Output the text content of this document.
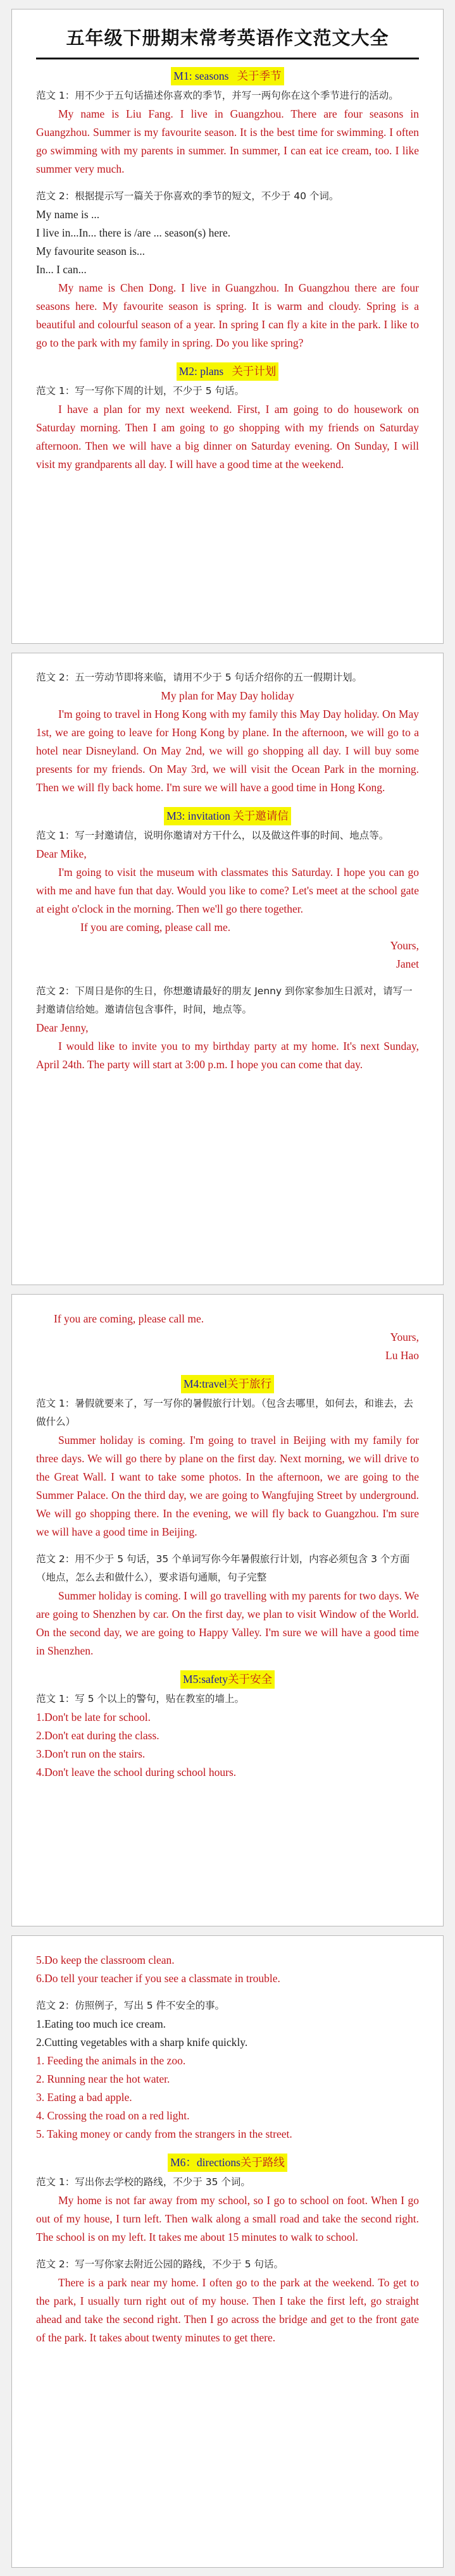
五年级下册期末常考英语作文范文大全
M1: seasons 关于季节

范文 1：用不少于五句话描述你喜欢的季节，并写一两句你在这个季节进行的活动。

My name is Liu Fang. I live in Guangzhou. There are four seasons in Guangzhou. Summer is my favourite season. It is the best time for swimming. I often go swimming with my parents in summer. In summer, I can eat ice cream, too. I like summer very much.

范文 2：根据提示写一篇关于你喜欢的季节的短文，不少于 40 个词。

My name is ...

I live in...In... there is /are ... season(s) here.

My favourite season is...

In... I can...

My name is Chen Dong. I live in Guangzhou. In Guangzhou there are four seasons here. My favourite season is spring. It is warm and cloudy. Spring is a beautiful and colourful season of a year. In spring I can fly a kite in the park. I like to go to the park with my family in spring. Do you like spring?

M2: plans 关于计划

范文 1：写一写你下周的计划，不少于 5 句话。

I have a plan for my next weekend. First, I am going to do housework on Saturday morning. Then I am going to go shopping with my friends on Saturday afternoon. Then we will have a big dinner on Saturday evening. On Sunday, I will visit my grandparents all day. I will have a good time at the weekend.

范文 2：五一劳动节即将来临，请用不少于 5 句话介绍你的五一假期计划。

My plan for May Day holiday

I'm going to travel in Hong Kong with my family this May Day holiday. On May 1st, we are going to leave for Hong Kong by plane. In the afternoon, we will go to a hotel near Disneyland. On May 2nd, we will go shopping all day. I will buy some presents for my friends. On May 3rd, we will visit the Ocean Park in the morning. Then we will fly back home. I'm sure we will have a good time in Hong Kong.

M3: invitation 关于邀请信

范文 1：写一封邀请信，说明你邀请对方干什么，以及做这件事的时间、地点等。

Dear Mike,

I'm going to visit the museum with classmates this Saturday. I hope you can go with me and have fun that day. Would you like to come? Let's meet at the school gate at eight o'clock in the morning. Then we'll go there together.

If you are coming, please call me.

Yours,

Janet

范文 2：下周日是你的生日，你想邀请最好的朋友 Jenny 到你家参加生日派对，请写一封邀请信给她。邀请信包含事件，时间，地点等。

Dear Jenny,

I would like to invite you to my birthday party at my home. It's next Sunday, April 24th. The party will start at 3:00 p.m. I hope you can come that day.

If you are coming, please call me.

Yours,

Lu Hao

M4:travel关于旅行

范文 1：暑假就要来了，写一写你的暑假旅行计划。（包含去哪里，如何去，和谁去，去做什么）

Summer holiday is coming. I'm going to travel in Beijing with my family for three days. We will go there by plane on the first day. Next morning, we will drive to the Great Wall. I want to take some photos. In the afternoon, we are going to the Summer Palace. On the third day, we are going to Wangfujing Street by underground. We will go shopping there. In the evening, we will fly back to Guangzhou. I'm sure we will have a good time in Beijing.

范文 2：用不少于 5 句话，35 个单词写你今年暑假旅行计划，内容必须包含 3 个方面（地点，怎么去和做什么），要求语句通顺，句子完整

Summer holiday is coming. I will go travelling with my parents for two days. We are going to Shenzhen by car. On the first day, we plan to visit Window of the World. On the second day, we are going to Happy Valley. I'm sure we will have a good time in Shenzhen.

M5:safety关于安全

范文 1：写 5 个以上的警句，贴在教室的墙上。

1.Don't be late for school.

2.Don't eat during the class.

3.Don't run on the stairs.

4.Don't leave the school during school hours.

5.Do keep the classroom clean.

6.Do tell your teacher if you see a classmate in trouble.

范文 2：仿照例子，写出 5 件不安全的事。

1.Eating too much ice cream.

2.Cutting vegetables with a sharp knife quickly.

1. Feeding the animals in the zoo.

2. Running near the hot water.

3. Eating a bad apple.

4. Crossing the road on a red light.

5. Taking money or candy from the strangers in the street.

M6：directions关于路线

范文 1：写出你去学校的路线，不少于 35 个词。

My home is not far away from my school, so I go to school on foot. When I go out of my house, I turn left. Then walk along a small road and take the second right. The school is on my left. It takes me about 15 minutes to walk to school.

范文 2：写一写你家去附近公园的路线，不少于 5 句话。

There is a park near my home. I often go to the park at the weekend. To get to the park, I usually turn right out of my house. Then I take the first left, go straight ahead and take the second right. Then I go across the bridge and get to the front gate of the park. It takes about twenty minutes to get there.
